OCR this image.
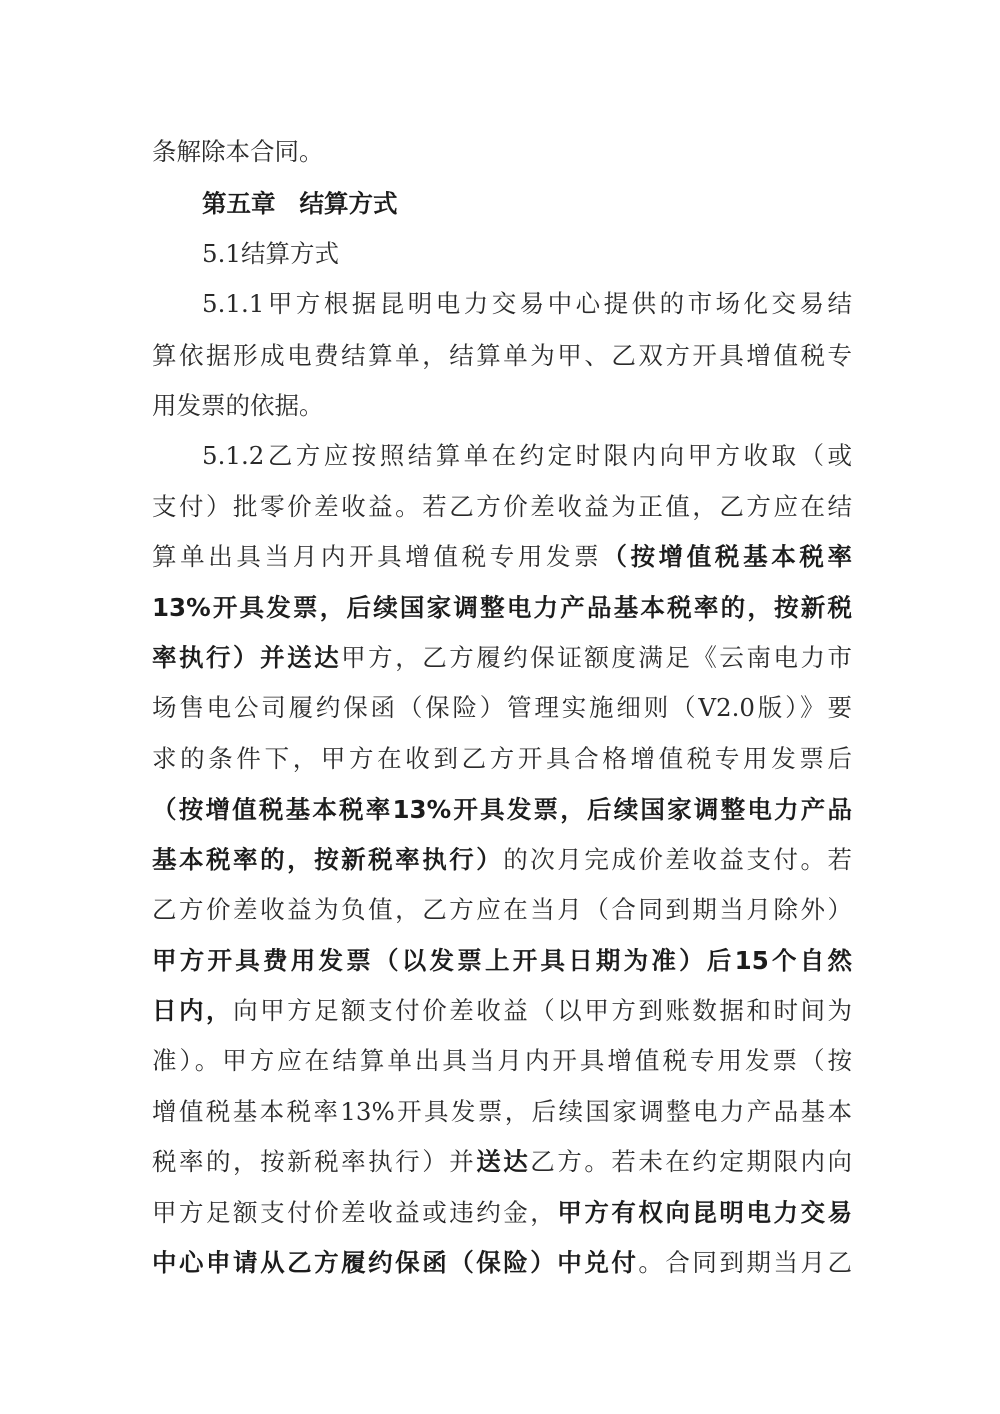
条解除本合同。
第五章 结算方式
5.1结算方式
5.1.1甲方根据昆明电力交易中心提供的市场化交易结
算依据形成电费结算单，结算单为甲、乙双方开具增值税专
用发票的依据。
5.1.2乙方应按照结算单在约定时限内向甲方收取（或
支付）批零价差收益。若乙方价差收益为正值，乙方应在结
算单出具当月内开具增值税专用发票（按增值税基本税率
13%开具发票，后续国家调整电力产品基本税率的，按新税
率执行）并送达甲方，乙方履约保证额度满足《云南电力市
场售电公司履约保函（保险）管理实施细则（V2.0版）》要
求的条件下，甲方在收到乙方开具合格增值税专用发票后
（按增值税基本税率13%开具发票，后续国家调整电力产品
基本税率的，按新税率执行）的次月完成价差收益支付。若
乙方价差收益为负值，乙方应在当月（合同到期当月除外）
甲方开具费用发票（以发票上开具日期为准）后15个自然
日内，向甲方足额支付价差收益（以甲方到账数据和时间为
准）。甲方应在结算单出具当月内开具增值税专用发票（按
增值税基本税率13%开具发票，后续国家调整电力产品基本
税率的，按新税率执行）并送达乙方。若未在约定期限内向
甲方足额支付价差收益或违约金，甲方有权向昆明电力交易
中心申请从乙方履约保函（保险）中兑付。合同到期当月乙
